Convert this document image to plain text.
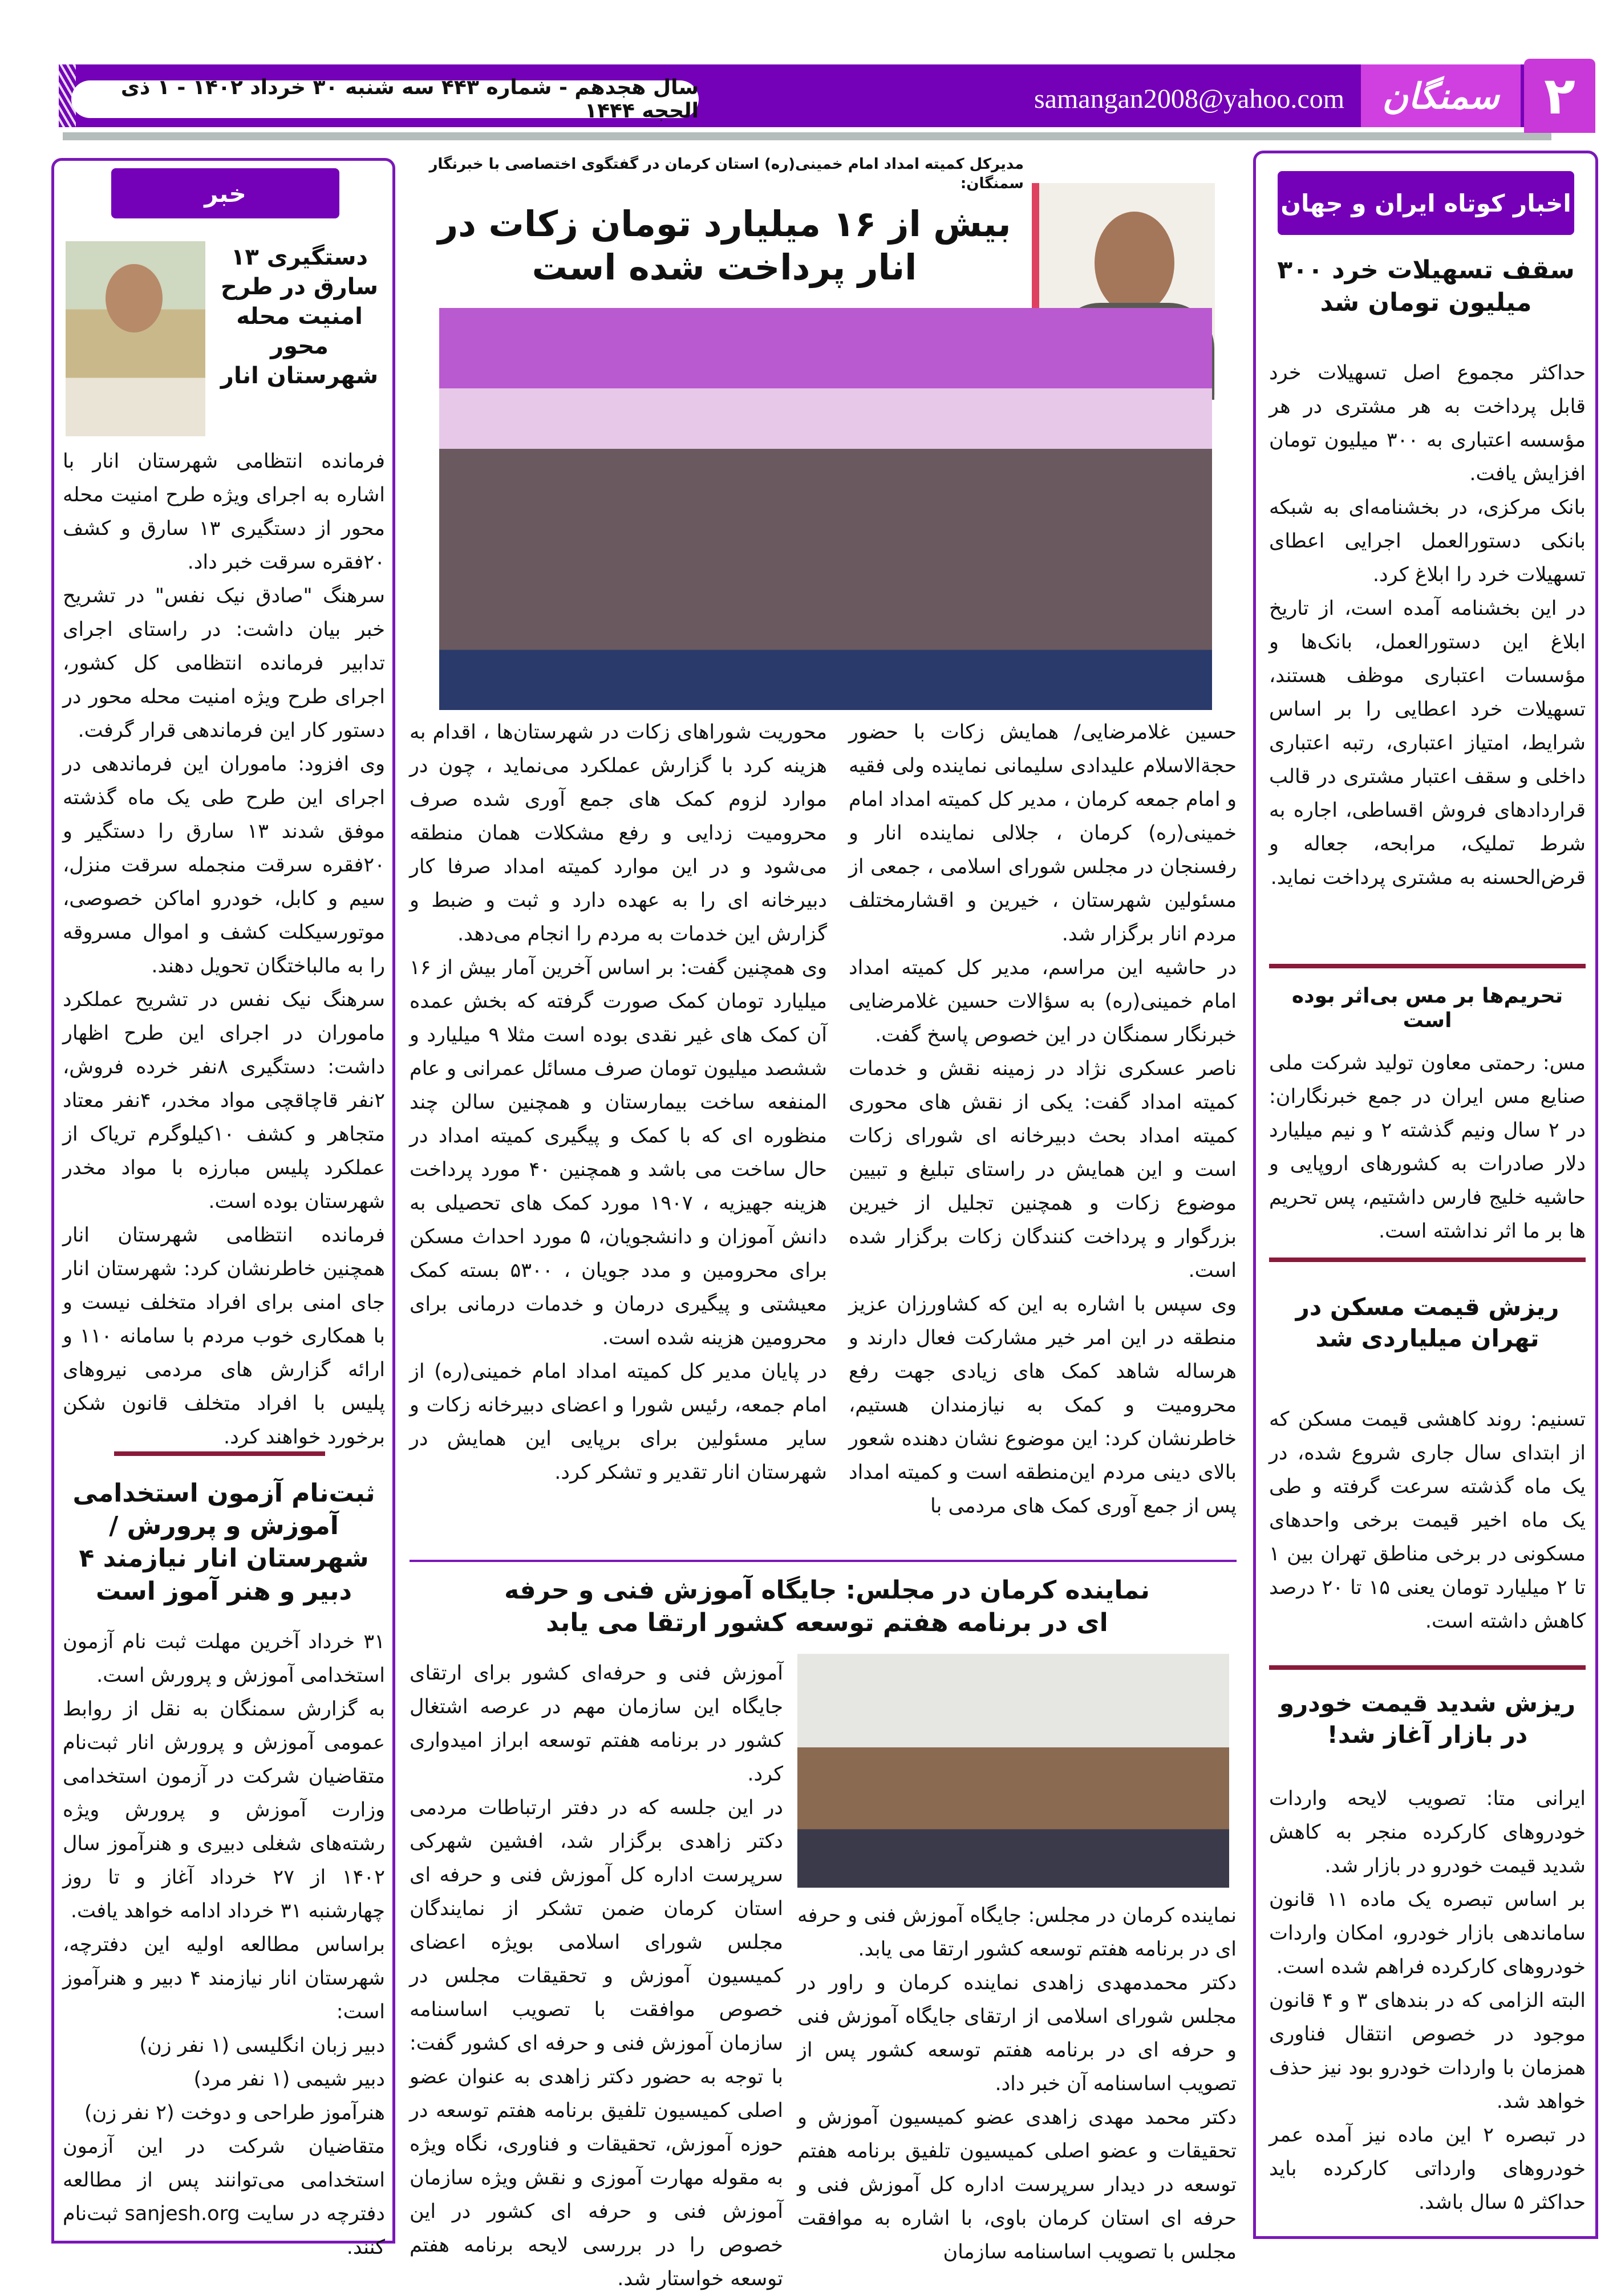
سال هجدهم - شماره ۴۴۳ سه شنبه ۳۰ خرداد ۱۴۰۲ - ۱ ذی الحجه ۱۴۴۴	samangan2008@yahoo.com	سمنگان ۲
اخبار کوتاه ایران و جهان
سقف تسهیلات خرد ۳۰۰ میلیون تومان شد

حداکثر مجموع اصل تسهیلات خرد قابل پرداخت به هر مشتری در هر مؤسسه اعتباری به ۳۰۰ میلیون تومان افزایش یافت.

بانک مرکزی، در بخشنامه‌ای به شبکه بانکی دستورالعمل اجرایی اعطای تسهیلات خرد را ابلاغ کرد.

در این بخشنامه آمده است، از تاریخ ابلاغ این دستورالعمل، بانک‌ها و مؤسسات اعتباری موظف هستند، تسهیلات خرد اعطایی را بر اساس شرایط، امتیاز اعتباری، رتبه اعتباری داخلی و سقف اعتبار مشتری در قالب قراردادهای فروش اقساطی، اجاره به شرط تملیک، مرابحه، جعاله و قرض‌الحسنه به مشتری پرداخت نماید.

تحریم‌ها بر مس بی‌اثر بوده است

مس: رحمتی معاون تولید شرکت ملی صنایع مس ایران در جمع خبرنگاران: در ۲ سال ونیم گذشته ۲ و نیم میلیارد دلار صادرات به کشورهای اروپایی و حاشیه خلیج فارس داشتیم، پس تحریم ها بر ما اثر نداشته است.

ریزش قیمت مسکن در تهران میلیاردی شد

تسنیم: روند کاهشی قیمت مسکن که از ابتدای سال جاری شروع شده، در یک ماه گذشته سرعت گرفته و طی یک ماه اخیر قیمت برخی واحدهای مسکونی در برخی مناطق تهران بین ۱ تا ۲ میلیارد تومان یعنی ۱۵ تا ۲۰ درصد کاهش داشته است.

ریزش شدید قیمت خودرو در بازار آغاز شد!

ایرانی متا: تصویب لایحه واردات خودروهای کارکرده منجر به کاهش شدید قیمت خودرو در بازار شد.

بر اساس تبصره یک ماده ۱۱ قانون ساماندهی بازار خودرو، امکان واردات خودروهای کارکرده فراهم شده است.

البته الزامی که در بندهای ۳ و ۴ قانون موجود در خصوص انتقال فناوری همزمان با واردات خودرو بود نیز حذف خواهد شد.

در تبصره ۲ این ماده نیز آمده عمر خودروهای وارداتی کارکرده باید حداکثر ۵ سال باشد.

خبر
دستگیری ۱۳ سارق در طرح امنیت محله محور شهرستان انار

فرمانده انتظامی شهرستان انار با اشاره به اجرای ویژه طرح امنیت محله محور از دستگیری ۱۳ سارق و کشف ۲۰فقره سرقت خبر داد.

سرهنگ "صادق نیک نفس" در تشریح خبر بیان داشت: در راستای اجرای تدابیر فرمانده انتظامی کل کشور، اجرای طرح ویژه امنیت محله محور در دستور کار این فرماندهی قرار گرفت.

وی افزود: ماموران این فرماندهی در اجرای این طرح طی یک ماه گذشته موفق شدند ۱۳ سارق را دستگیر و ۲۰فقره سرقت منجمله سرقت منزل، سیم و کابل، خودرو اماکن خصوصی، موتورسیکلت کشف و اموال مسروقه را به مالباختگان تحویل دهند.

سرهنگ نیک نفس در تشریح عملکرد ماموران در اجرای این طرح اظهار داشت: دستگیری ۸نفر خرده فروش، ۲نفر قاچاقچی مواد مخدر، ۴نفر معتاد متجاهر و کشف ۱۰کیلوگرم تریاک از عملکرد پلیس مبارزه با مواد مخدر شهرستان بوده است.

فرمانده انتظامی شهرستان انار همچنین خاطرنشان کرد: شهرستان انار جای امنی برای افراد متخلف نیست و با همکاری خوب مردم با سامانه ۱۱۰ و ارائه گزارش های مردمی نیروهای پلیس با افراد متخلف قانون شکن برخورد خواهند کرد.

ثبت‌نام آزمون استخدامی آموزش و پرورش / شهرستان انار نیازمند ۴ دبیر و هنر آموز است

۳۱ خرداد آخرین مهلت ثبت نام آزمون استخدامی آموزش و پرورش است.

به گزارش سمنگان به نقل از روابط عمومی آموزش و پرورش انار ثبت‌نام متقاضیان شرکت در آزمون استخدامی وزارت آموزش و پرورش ویژه رشته‌های شغلی دبیری و هنرآموز سال ۱۴۰۲ از ۲۷ خرداد آغاز و تا روز چهارشنبه ۳۱ خرداد ادامه خواهد یافت.

براساس مطالعه اولیه این دفترچه، شهرستان انار نیازمند ۴ دبیر و هنرآموز است:

دبیر زبان انگلیسی (۱ نفر زن)

دبیر شیمی (۱ نفر مرد)

هنرآموز طراحی و دوخت (۲ نفر زن)

متقاضیان شرکت در این آزمون استخدامی می‌توانند پس از مطالعه دفترچه در سایت sanjesh.org ثبت‌نام کنند.

مدیرکل کمیته امداد امام خمینی(ره) استان کرمان در گفتگوی اختصاصی با خبرنگار سمنگان:
بیش از ۱۶ میلیارد تومان زکات در انار پرداخت شده است

حسین غلامرضایی/ همایش زکات با حضور حجة‌الاسلام علیدادی سلیمانی نماینده ولی فقیه و امام جمعه کرمان ، مدیر کل کمیته امداد امام خمینی(ره) کرمان ، جلالی نماینده انار و رفسنجان در مجلس شورای اسلامی ، جمعی از مسئولین شهرستان ، خیرین و اقشارمختلف مردم انار برگزار شد.

در حاشیه این مراسم، مدیر کل کمیته امداد امام خمینی(ره) به سؤالات حسین غلامرضایی خبرنگار سمنگان در این خصوص پاسخ گفت.

ناصر عسکری نژاد در زمینه نقش و خدمات کمیته امداد گفت: یکی از نقش های محوری کمیته امداد بحث دبیرخانه ای شورای زکات است و این همایش در راستای تبلیغ و تبیین موضوع زکات و همچنین تجلیل از خیرین بزرگوار و پرداخت کنندگان زکات برگزار شده است.

وی سپس با اشاره به این که کشاورزان عزیز منطقه در این امر خیر مشارکت فعال دارند و هرساله شاهد کمک های زیادی جهت رفع محرومیت و کمک به نیازمندان هستیم، خاطرنشان کرد: این موضوع نشان دهنده شعور بالای دینی مردم این‌منطقه است و کمیته امداد پس از جمع آوری کمک های مردمی با

محوریت شوراهای زکات در شهرستان‌ها ، اقدام به هزینه کرد با گزارش عملکرد می‌نماید ، چون در موارد لزوم کمک های جمع آوری شده صرف محرومیت زدایی و رفع مشکلات همان منطقه می‌شود و در این موارد کمیته امداد صرفا کار دبیرخانه ای را به عهده دارد و ثبت و ضبط و گزارش این خدمات به مردم را انجام می‌دهد.

وی همچنین گفت: بر اساس آخرین آمار بیش از ۱۶ میلیارد تومان کمک صورت گرفته که بخش عمده آن کمک های غیر نقدی بوده است مثلا ۹ میلیارد و ششصد میلیون تومان صرف مسائل عمرانی و عام المنفعه ساخت بیمارستان و همچنین سالن چند منظوره ای که با کمک و پیگیری کمیته امداد در حال ساخت می باشد و همچنین ۴۰ مورد پرداخت هزینه جهیزیه ، ۱۹۰۷ مورد کمک های تحصیلی به دانش آموزان و دانشجویان، ۵ مورد احداث مسکن برای محرومین و مدد جویان ، ۵۳۰۰ بسته کمک معیشتی و پیگیری درمان و خدمات درمانی برای محرومین هزینه شده است.

در پایان مدیر کل کمیته امداد امام خمینی(ره) از امام جمعه، رئیس شورا و اعضای دبیرخانه زکات و سایر مسئولین برای برپایی این همایش در شهرستان انار تقدیر و تشکر کرد.

نماینده کرمان در مجلس: جایگاه آموزش فنی و حرفه ای در برنامه هفتم توسعه کشور ارتقا می یابد

آموزش فنی و حرفه‌ای کشور برای ارتقای جایگاه این سازمان مهم در عرصه اشتغال کشور در برنامه هفتم توسعه ابراز امیدواری کرد.

در این جلسه که در دفتر ارتباطات مردمی دکتر زاهدی برگزار شد، افشین شهرکی سرپرست اداره کل آموزش فنی و حرفه ای استان کرمان ضمن تشکر از نمایندگان مجلس شورای اسلامی بویژه اعضای کمیسیون آموزش و تحقیقات مجلس در خصوص موافقت با تصویب اساسنامه سازمان آموزش فنی و حرفه ای کشور گفت: با توجه به حضور دکتر زاهدی به عنوان عضو اصلی کمیسیون تلفیق برنامه هفتم توسعه در حوزه آموزش، تحقیقات و فناوری، نگاه ویژه به مقوله مهارت آموزی و نقش ویژه سازمان آموزش فنی و حرفه ای کشور در این خصوص را در بررسی لایحه برنامه هفتم توسعه خواستار شد.

نماینده کرمان در مجلس: جایگاه آموزش فنی و حرفه ای در برنامه هفتم توسعه کشور ارتقا می یابد.

دکتر محمدمهدی زاهدی نماینده کرمان و راور در مجلس شورای اسلامی از ارتقای جایگاه آموزش فنی و حرفه ای در برنامه هفتم توسعه کشور پس از تصویب اساسنامه آن خبر داد.

دکتر محمد مهدی زاهدی عضو کمیسیون آموزش و تحقیقات و عضو اصلی کمیسیون تلفیق برنامه هفتم توسعه در دیدار سرپرست اداره کل آموزش فنی و حرفه ای استان کرمان باوی، با اشاره به موافقت مجلس با تصویب اساسنامه سازمان
